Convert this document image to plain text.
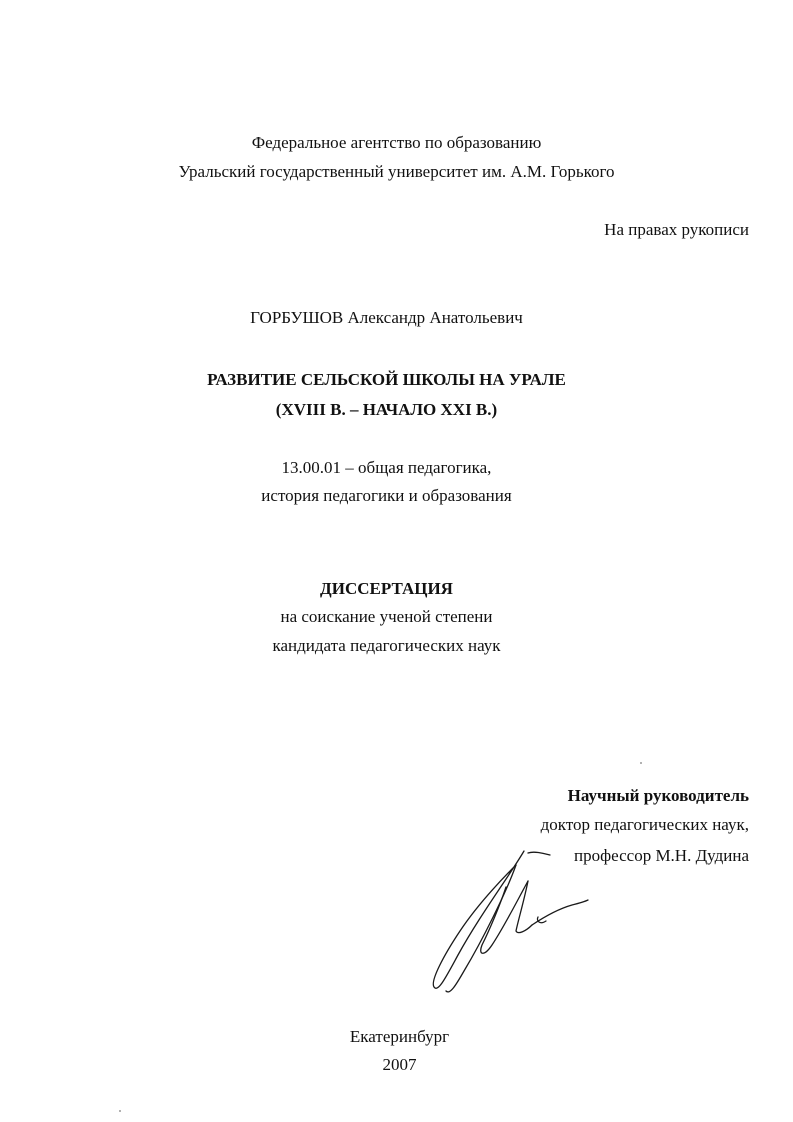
Федеральное агентство по образованию
Уральский государственный университет им. А.М. Горького
На правах рукописи
ГОРБУШОВ Александр Анатольевич
РАЗВИТИЕ СЕЛЬСКОЙ ШКОЛЫ НА УРАЛЕ
(XVIII В. – НАЧАЛО XXI В.)
13.00.01 – общая педагогика,
история педагогики и образования
ДИССЕРТАЦИЯ
на соискание ученой степени
кандидата педагогических наук
Научный руководитель
доктор педагогических наук,
профессор М.Н. Дудина
Екатеринбург
2007
